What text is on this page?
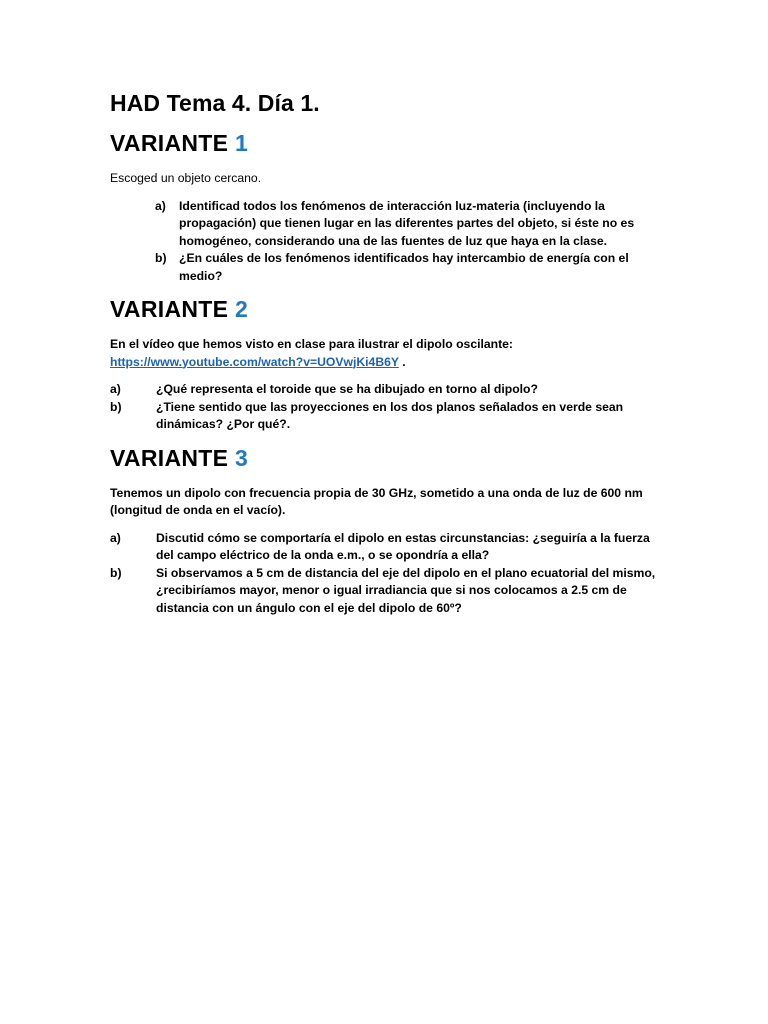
HAD Tema 4. Día 1.
VARIANTE 1

Escoged un objeto cercano.

a)	Identificad todos los fenómenos de interacción luz-materia (incluyendo la propagación) que tienen lugar en las diferentes partes del objeto, si éste no es homogéneo, considerando una de las fuentes de luz que haya en la clase.
b)	¿En cuáles de los fenómenos identificados hay intercambio de energía con el medio?
VARIANTE 2

En el vídeo que hemos visto en clase para ilustrar el dipolo oscilante:
https://www.youtube.com/watch?v=UOVwjKi4B6Y .

a)	¿Qué representa el toroide que se ha dibujado en torno al dipolo?
b)	¿Tiene sentido que las proyecciones en los dos planos señalados en verde sean dinámicas? ¿Por qué?.
VARIANTE 3

Tenemos un dipolo con frecuencia propia de 30 GHz, sometido a una onda de luz de 600 nm (longitud de onda en el vacío).

a)	Discutid cómo se comportaría el dipolo en estas circunstancias: ¿seguiría a la fuerza del campo eléctrico de la onda e.m., o se opondría a ella?
b)	Si observamos a 5 cm de distancia del eje del dipolo en el plano ecuatorial del mismo, ¿recibiríamos mayor, menor o igual irradiancia que si nos colocamos a 2.5 cm de distancia con un ángulo con el eje del dipolo de 60º?
